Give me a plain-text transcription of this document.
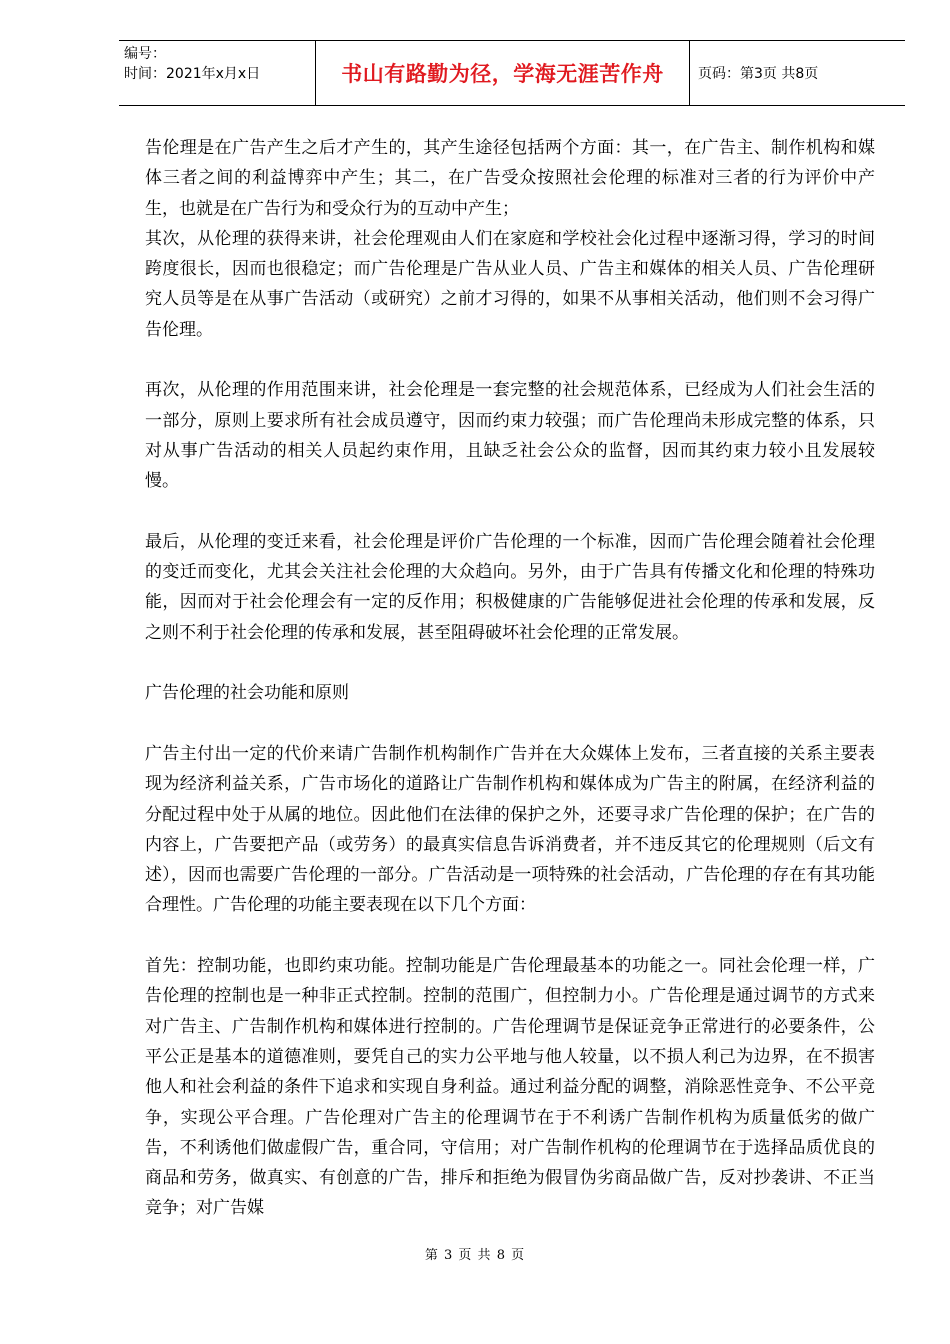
编号：
时间：2021年x月x日	书山有路勤为径，学海无涯苦作舟	页码：第3页 共8页

告伦理是在广告产生之后才产生的，其产生途径包括两个方面：其一，在广告主、制作机构和媒体三者之间的利益博弈中产生；其二，在广告受众按照社会伦理的标准对三者的行为评价中产生，也就是在广告行为和受众行为的互动中产生；

其次，从伦理的获得来讲，社会伦理观由人们在家庭和学校社会化过程中逐渐习得，学习的时间跨度很长，因而也很稳定；而广告伦理是广告从业人员、广告主和媒体的相关人员、广告伦理研究人员等是在从事广告活动（或研究）之前才习得的，如果不从事相关活动，他们则不会习得广告伦理。

再次，从伦理的作用范围来讲，社会伦理是一套完整的社会规范体系，已经成为人们社会生活的一部分，原则上要求所有社会成员遵守，因而约束力较强；而广告伦理尚未形成完整的体系，只对从事广告活动的相关人员起约束作用，且缺乏社会公众的监督，因而其约束力较小且发展较慢。

最后，从伦理的变迁来看，社会伦理是评价广告伦理的一个标准，因而广告伦理会随着社会伦理的变迁而变化，尤其会关注社会伦理的大众趋向。另外，由于广告具有传播文化和伦理的特殊功能，因而对于社会伦理会有一定的反作用；积极健康的广告能够促进社会伦理的传承和发展，反之则不利于社会伦理的传承和发展，甚至阻碍破坏社会伦理的正常发展。

广告伦理的社会功能和原则

广告主付出一定的代价来请广告制作机构制作广告并在大众媒体上发布，三者直接的关系主要表现为经济利益关系，广告市场化的道路让广告制作机构和媒体成为广告主的附属，在经济利益的分配过程中处于从属的地位。因此他们在法律的保护之外，还要寻求广告伦理的保护；在广告的内容上，广告要把产品（或劳务）的最真实信息告诉消费者，并不违反其它的伦理规则（后文有述），因而也需要广告伦理的一部分。广告活动是一项特殊的社会活动，广告伦理的存在有其功能合理性。广告伦理的功能主要表现在以下几个方面：

首先：控制功能，也即约束功能。控制功能是广告伦理最基本的功能之一。同社会伦理一样，广告伦理的控制也是一种非正式控制。控制的范围广，但控制力小。广告伦理是通过调节的方式来对广告主、广告制作机构和媒体进行控制的。广告伦理调节是保证竞争正常进行的必要条件，公平公正是基本的道德准则，要凭自己的实力公平地与他人较量，以不损人利己为边界，在不损害他人和社会利益的条件下追求和实现自身利益。通过利益分配的调整，消除恶性竞争、不公平竞争，实现公平合理。广告伦理对广告主的伦理调节在于不利诱广告制作机构为质量低劣的做广告，不利诱他们做虚假广告，重合同，守信用；对广告制作机构的伦理调节在于选择品质优良的商品和劳务，做真实、有创意的广告，排斥和拒绝为假冒伪劣商品做广告，反对抄袭讲、不正当竞争；对广告媒

第 3 页 共 8 页
